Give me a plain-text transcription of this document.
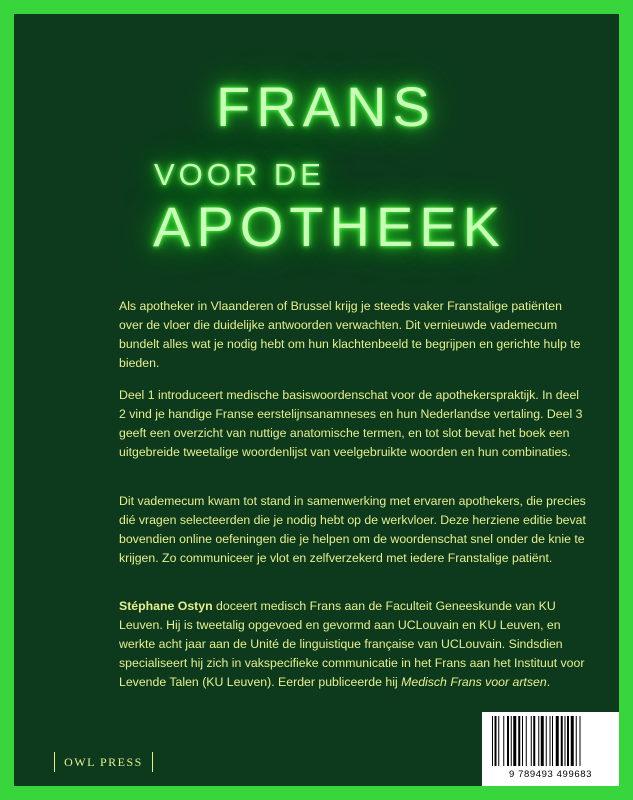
FRANS
VOOR DE
APOTHEEK

Als apotheker in Vlaanderen of Brussel krijg je steeds vaker Franstalige patiënten over de vloer die duidelijke antwoorden verwachten. Dit vernieuwde vademecum bundelt alles wat je nodig hebt om hun klachtenbeeld te begrijpen en gerichte hulp te bieden.

Deel 1 introduceert medische basiswoordenschat voor de apothekerspraktijk. In deel 2 vind je handige Franse eerstelijnsanamneses en hun Nederlandse vertaling. Deel 3 geeft een overzicht van nuttige anatomische termen, en tot slot bevat het boek een uitgebreide tweetalige woordenlijst van veelgebruikte woorden en hun combinaties.

Dit vademecum kwam tot stand in samenwerking met ervaren apothekers, die precies dié vragen selecteerden die je nodig hebt op de werkvloer. Deze herziene editie bevat bovendien online oefeningen die je helpen om de woordenschat snel onder de knie te krijgen. Zo communiceer je vlot en zelfverzekerd met iedere Franstalige patiënt.

Stéphane Ostyn doceert medisch Frans aan de Faculteit Geneeskunde van KU Leuven. Hij is tweetalig opgevoed en gevormd aan UCLouvain en KU Leuven, en werkte acht jaar aan de Unité de linguistique française van UCLouvain. Sindsdien specialiseert hij zich in vakspecifieke communicatie in het Frans aan het Instituut voor Levende Talen (KU Leuven). Eerder publiceerde hij Medisch Frans voor artsen.

OWL PRESS
9 789493 499683
